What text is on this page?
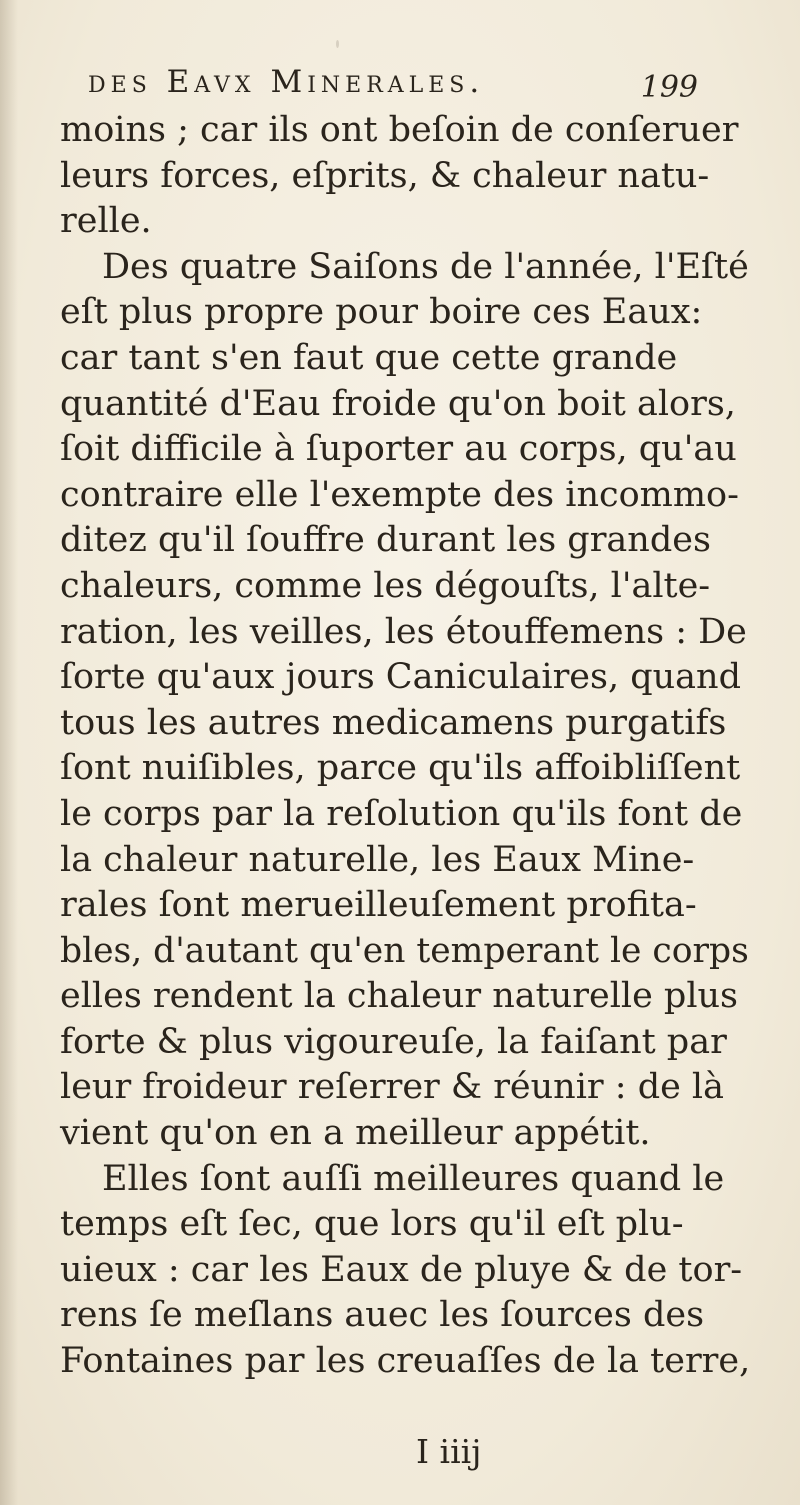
des Eavx Minerales.	199
moins ; car ils ont beſoin de conſeruer
leurs forces, eſprits, & chaleur natu-
relle.
Des quatre Saiſons de l'année, l'Eſté
eſt plus propre pour boire ces Eaux:
car tant s'en faut que cette grande
quantité d'Eau froide qu'on boit alors,
ſoit difficile à ſuporter au corps, qu'au
contraire elle l'exempte des incommo-
ditez qu'il ſouffre durant les grandes
chaleurs, comme les dégouſts, l'alte-
ration, les veilles, les étouffemens : De
ſorte qu'aux jours Caniculaires, quand
tous les autres medicamens purgatifs
ſont nuiſibles, parce qu'ils affoibliſſent
le corps par la reſolution qu'ils font de
la chaleur naturelle, les Eaux Mine-
rales ſont merueilleuſement profita-
bles, d'autant qu'en temperant le corps
elles rendent la chaleur naturelle plus
forte & plus vigoureuſe, la faiſant par
leur froideur reſerrer & réunir : de là
vient qu'on en a meilleur appétit.
Elles ſont auſſi meilleures quand le
temps eſt ſec, que lors qu'il eſt plu-
uieux : car les Eaux de pluye & de tor-
rens ſe meſlans auec les ſources des
Fontaines par les creuaſſes de la terre,
I iiij
